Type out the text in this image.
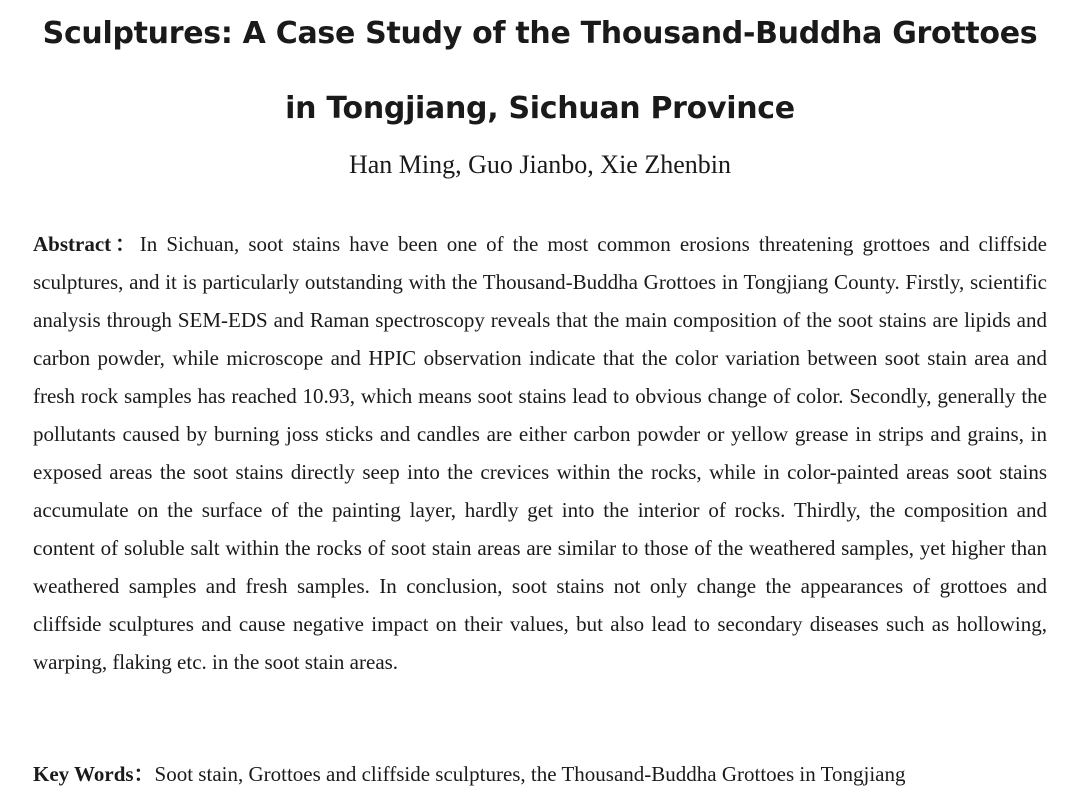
Sculptures: A Case Study of the Thousand-Buddha Grottoes
in Tongjiang, Sichuan Province
Han Ming, Guo Jianbo, Xie Zhenbin

Abstract：In Sichuan, soot stains have been one of the most common erosions threatening grottoes and cliffside sculptures, and it is particularly outstanding with the Thousand-Buddha Grottoes in Tongjiang County. Firstly, scientific analysis through SEM-EDS and Raman spectroscopy reveals that the main composition of the soot stains are lipids and carbon powder, while microscope and HPIC observation indicate that the color variation between soot stain area and fresh rock samples has reached 10.93, which means soot stains lead to obvious change of color. Secondly, generally the pollutants caused by burning joss sticks and candles are either carbon powder or yellow grease in strips and grains, in exposed areas the soot stains directly seep into the crevices within the rocks, while in color-painted areas soot stains accumulate on the surface of the painting layer, hardly get into the interior of rocks. Thirdly, the composition and content of soluble salt within the rocks of soot stain areas are similar to those of the weathered samples, yet higher than weathered samples and fresh samples. In conclusion, soot stains not only change the appearances of grottoes and cliffside sculptures and cause negative impact on their values, but also lead to secondary diseases such as hollowing, warping, flaking etc. in the soot stain areas.

Key Words：Soot stain, Grottoes and cliffside sculptures, the Thousand-Buddha Grottoes in Tongjiang
